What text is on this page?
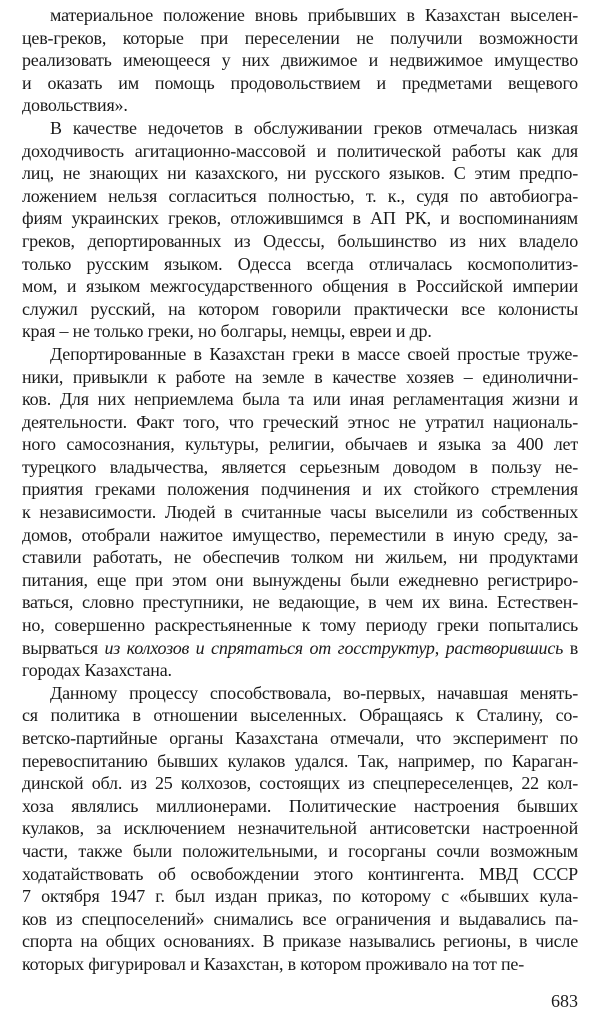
материальное положение вновь прибывших в Казахстан выселен-
цев-греков, которые при переселении не получили возможности
реализовать имеющееся у них движимое и недвижимое имущество
и оказать им помощь продовольствием и предметами вещевого
довольствия».
В качестве недочетов в обслуживании греков отмечалась низкая
доходчивость агитационно-массовой и политической работы как для
лиц, не знающих ни казахского, ни русского языков. С этим предпо-
ложением нельзя согласиться полностью, т. к., судя по автобиогра-
фиям украинских греков, отложившимся в АП РК, и воспоминаниям
греков, депортированных из Одессы, большинство из них владело
только русским языком. Одесса всегда отличалась космополитиз-
мом, и языком межгосударственного общения в Российской империи
служил русский, на котором говорили практически все колонисты
края – не только греки, но болгары, немцы, евреи и др.
Депортированные в Казахстан греки в массе своей простые труже-
ники, привыкли к работе на земле в качестве хозяев – единолични-
ков. Для них неприемлема была та или иная регламентация жизни и
деятельности. Факт того, что греческий этнос не утратил националь-
ного самосознания, культуры, религии, обычаев и языка за 400 лет
турецкого владычества, является серьезным доводом в пользу не-
приятия греками положения подчинения и их стойкого стремления
к независимости. Людей в считанные часы выселили из собственных
домов, отобрали нажитое имущество, переместили в иную среду, за-
ставили работать, не обеспечив толком ни жильем, ни продуктами
питания, еще при этом они вынуждены были ежедневно регистриро-
ваться, словно преступники, не ведающие, в чем их вина. Естествен-
но, совершенно раскрестьяненные к тому периоду греки попытались
вырваться из колхозов и спрятаться от госструктур, растворившись в
городах Казахстана.
Данному процессу способствовала, во-первых, начавшая менять-
ся политика в отношении выселенных. Обращаясь к Сталину, со-
ветско-партийные органы Казахстана отмечали, что эксперимент по
перевоспитанию бывших кулаков удался. Так, например, по Караган-
динской обл. из 25 колхозов, состоящих из спецпереселенцев, 22 кол-
хоза являлись миллионерами. Политические настроения бывших
кулаков, за исключением незначительной антисоветски настроенной
части, также были положительными, и госорганы сочли возможным
ходатайствовать об освобождении этого контингента. МВД СССР
7 октября 1947 г. был издан приказ, по которому с «бывших кула-
ков из спецпоселений» снимались все ограничения и выдавались па-
спорта на общих основаниях. В приказе назывались регионы, в числе
которых фигурировал и Казахстан, в котором проживало на тот пе-
683
